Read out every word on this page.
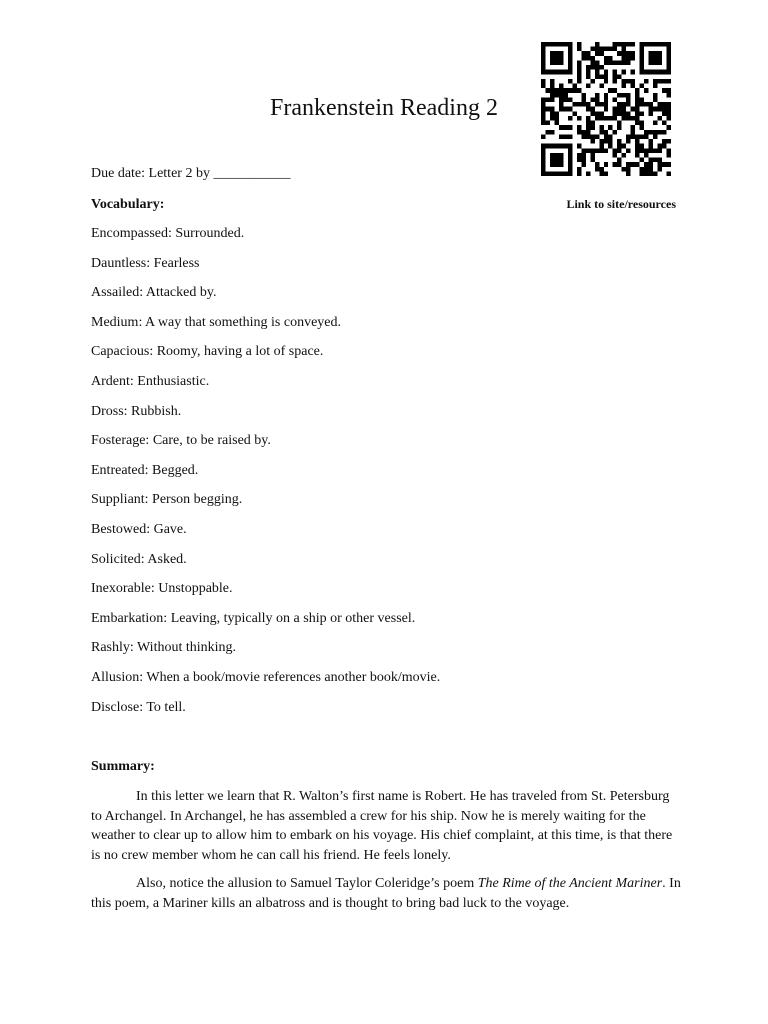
Frankenstein Reading 2
Link to site/resources
Due date: Letter 2 by ___________
Vocabulary:
Encompassed: Surrounded.
Dauntless: Fearless
Assailed: Attacked by.
Medium: A way that something is conveyed.
Capacious: Roomy, having a lot of space.
Ardent: Enthusiastic.
Dross: Rubbish.
Fosterage: Care, to be raised by.
Entreated: Begged.
Suppliant: Person begging.
Bestowed: Gave.
Solicited: Asked.
Inexorable: Unstoppable.
Embarkation: Leaving, typically on a ship or other vessel.
Rashly: Without thinking.
Allusion: When a book/movie references another book/movie.
Disclose: To tell.
Summary:

In this letter we learn that R. Walton’s first name is Robert. He has traveled from St. Petersburg to Archangel. In Archangel, he has assembled a crew for his ship. Now he is merely waiting for the weather to clear up to allow him to embark on his voyage. His chief complaint, at this time, is that there is no crew member whom he can call his friend. He feels lonely.

Also, notice the allusion to Samuel Taylor Coleridge’s poem The Rime of the Ancient Mariner. In this poem, a Mariner kills an albatross and is thought to bring bad luck to the voyage.
